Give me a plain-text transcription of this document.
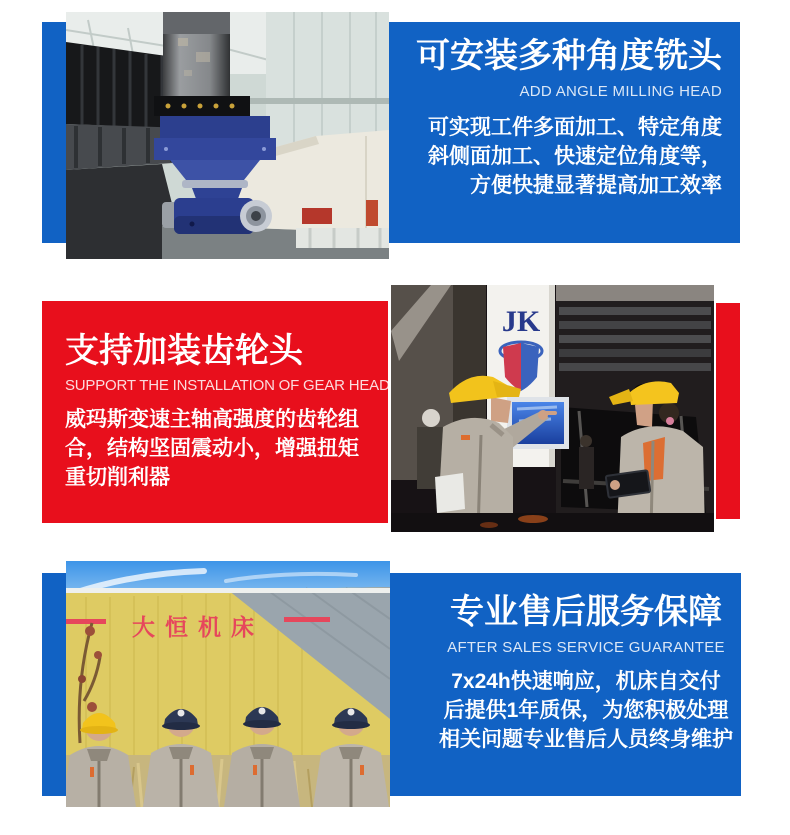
可安装多种角度铣头
ADD ANGLE MILLING HEAD
可实现工件多面加工、特定角度
斜侧面加工、快速定位角度等，
方便快捷显著提高加工效率
JK
支持加装齿轮头
SUPPORT THE INSTALLATION OF GEAR HEAD
威玛斯变速主轴高强度的齿轮组
合，结构坚固震动小，增强扭矩
重切削利器
大恒机床	专业售后服务保障
AFTER SALES SERVICE GUARANTEE
7x24h快速响应，机床自交付
后提供1年质保，为您积极处理
相关问题专业售后人员终身维护
